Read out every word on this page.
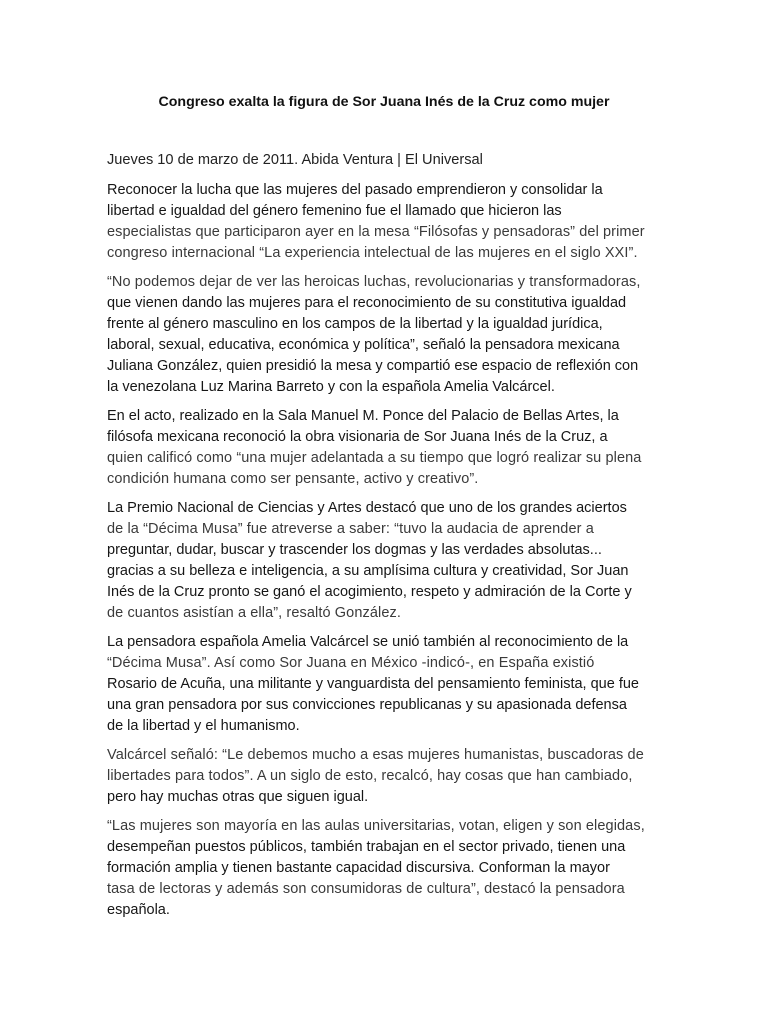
Congreso exalta la figura de Sor Juana Inés de la Cruz como mujer
Jueves 10 de marzo de 2011. Abida Ventura | El Universal

Reconocer la lucha que las mujeres del pasado emprendieron y consolidar la
libertad e igualdad del género femenino fue el llamado que hicieron las
especialistas que participaron ayer en la mesa “Filósofas y pensadoras” del primer
congreso internacional “La experiencia intelectual de las mujeres en el siglo XXI”.

“No podemos dejar de ver las heroicas luchas, revolucionarias y transformadoras,
que vienen dando las mujeres para el reconocimiento de su constitutiva igualdad
frente al género masculino en los campos de la libertad y la igualdad jurídica,
laboral, sexual, educativa, económica y política”, señaló la pensadora mexicana
Juliana González, quien presidió la mesa y compartió ese espacio de reflexión con
la venezolana Luz Marina Barreto y con la española Amelia Valcárcel.

En el acto, realizado en la Sala Manuel M. Ponce del Palacio de Bellas Artes, la
filósofa mexicana reconoció la obra visionaria de Sor Juana Inés de la Cruz, a
quien calificó como “una mujer adelantada a su tiempo que logró realizar su plena
condición humana como ser pensante, activo y creativo”.

La Premio Nacional de Ciencias y Artes destacó que uno de los grandes aciertos
de la “Décima Musa” fue atreverse a saber: “tuvo la audacia de aprender a
preguntar, dudar, buscar y trascender los dogmas y las verdades absolutas...
gracias a su belleza e inteligencia, a su amplísima cultura y creatividad, Sor Juan
Inés de la Cruz pronto se ganó el acogimiento, respeto y admiración de la Corte y
de cuantos asistían a ella”, resaltó González.

La pensadora española Amelia Valcárcel se unió también al reconocimiento de la
“Décima Musa”. Así como Sor Juana en México -indicó-, en España existió
Rosario de Acuña, una militante y vanguardista del pensamiento feminista, que fue
una gran pensadora por sus convicciones republicanas y su apasionada defensa
de la libertad y el humanismo.

Valcárcel señaló: “Le debemos mucho a esas mujeres humanistas, buscadoras de
libertades para todos”. A un siglo de esto, recalcó, hay cosas que han cambiado,
pero hay muchas otras que siguen igual.

“Las mujeres son mayoría en las aulas universitarias, votan, eligen y son elegidas,
desempeñan puestos públicos, también trabajan en el sector privado, tienen una
formación amplia y tienen bastante capacidad discursiva. Conforman la mayor
tasa de lectoras y además son consumidoras de cultura”, destacó la pensadora
española.
